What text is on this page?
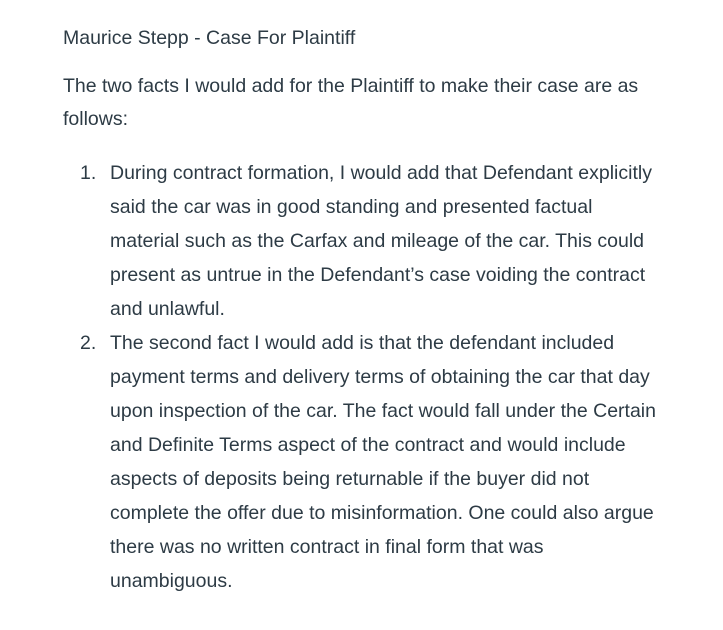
Maurice Stepp - Case For Plaintiff

The two facts I would add for the Plaintiff to make their case are as follows:

1. During contract formation, I would add that Defendant explicitly said the car was in good standing and presented factual material such as the Carfax and mileage of the car. This could present as untrue in the Defendant’s case voiding the contract and unlawful.
2. The second fact I would add is that the defendant included payment terms and delivery terms of obtaining the car that day upon inspection of the car. The fact would fall under the Certain and Definite Terms aspect of the contract and would include aspects of deposits being returnable if the buyer did not complete the offer due to misinformation. One could also argue there was no written contract in final form that was unambiguous.
